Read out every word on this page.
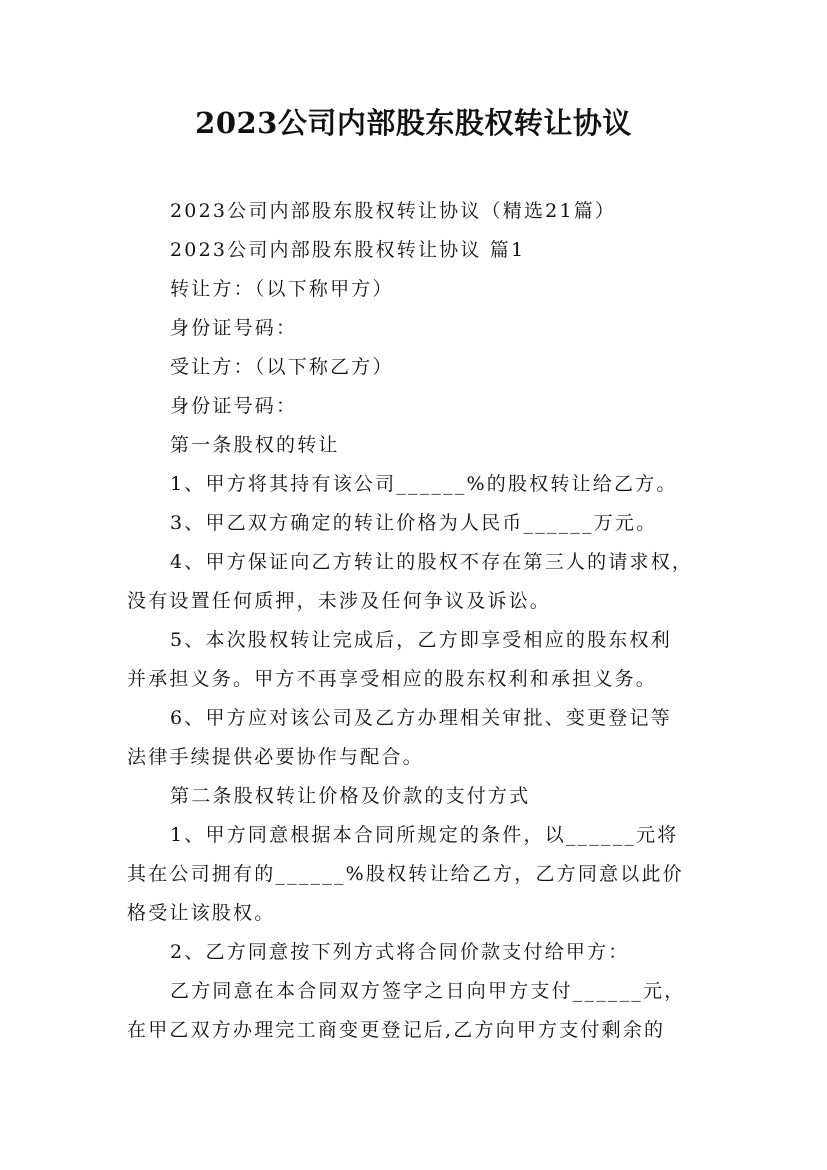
2023公司内部股东股权转让协议
2023公司内部股东股权转让协议（精选21篇）
2023公司内部股东股权转让协议 篇1
转让方：（以下称甲方）
身份证号码：
受让方：（以下称乙方）
身份证号码：
第一条股权的转让
1、甲方将其持有该公司______%的股权转让给乙方。
3、甲乙双方确定的转让价格为人民币______万元。
4、甲方保证向乙方转让的股权不存在第三人的请求权，
没有设置任何质押，未涉及任何争议及诉讼。
5、本次股权转让完成后，乙方即享受相应的股东权利
并承担义务。甲方不再享受相应的股东权利和承担义务。
6、甲方应对该公司及乙方办理相关审批、变更登记等
法律手续提供必要协作与配合。
第二条股权转让价格及价款的支付方式
1、甲方同意根据本合同所规定的条件，以______元将
其在公司拥有的______%股权转让给乙方，乙方同意以此价
格受让该股权。
2、乙方同意按下列方式将合同价款支付给甲方：
乙方同意在本合同双方签字之日向甲方支付______元，
在甲乙双方办理完工商变更登记后,乙方向甲方支付剩余的
